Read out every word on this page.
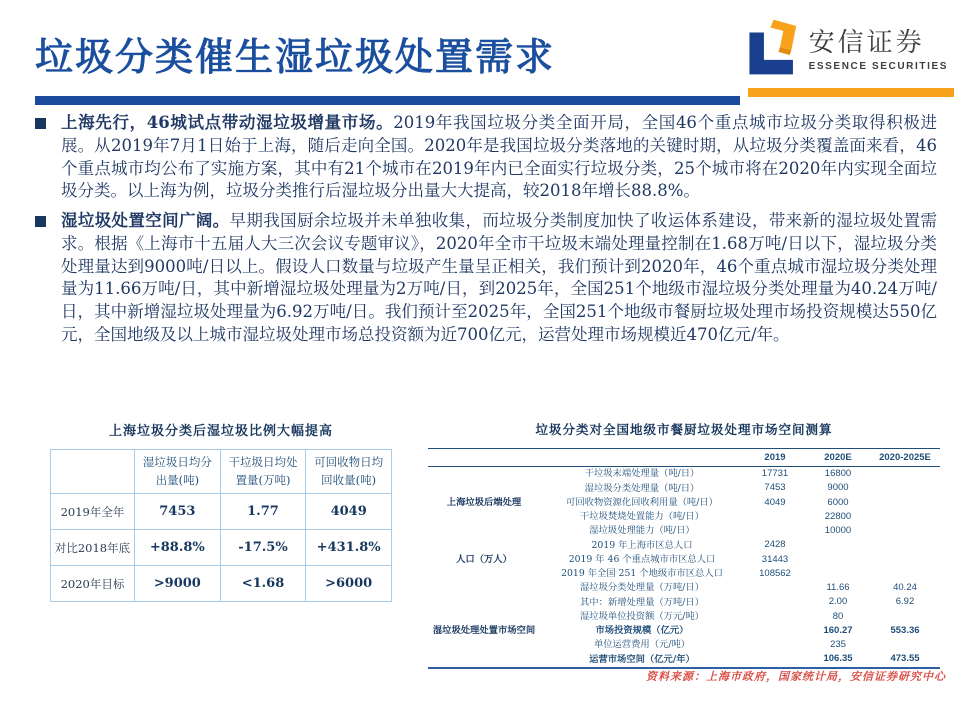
垃圾分类催生湿垃圾处置需求	安信证券
ESSENCE SECURITIES
上海先行，46城试点带动湿垃圾增量市场。2019年我国垃圾分类全面开局，全国46个重点城市垃圾分类取得积极进展。从2019年7月1日始于上海，随后走向全国。2020年是我国垃圾分类落地的关键时期，从垃圾分类覆盖面来看，46个重点城市均公布了实施方案，其中有21个城市在2019年内已全面实行垃圾分类，25个城市将在2020年内实现全面垃圾分类。以上海为例，垃圾分类推行后湿垃圾分出量大大提高，较2018年增长88.8%。
湿垃圾处置空间广阔。早期我国厨余垃圾并未单独收集，而垃圾分类制度加快了收运体系建设，带来新的湿垃圾处置需求。根据《上海市十五届人大三次会议专题审议》，2020年全市干垃圾末端处理量控制在1.68万吨/日以下，湿垃圾分类处理量达到9000吨/日以上。假设人口数量与垃圾产生量呈正相关，我们预计到2020年，46个重点城市湿垃圾分类处理量为11.66万吨/日，其中新增湿垃圾处理量为2万吨/日，到2025年，全国251个地级市湿垃圾分类处理量为40.24万吨/日，其中新增湿垃圾处理量为6.92万吨/日。我们预计至2025年，全国251个地级市餐厨垃圾处理市场投资规模达550亿元，全国地级及以上城市湿垃圾处理市场总投资额为近700亿元，运营处理市场规模近470亿元/年。
上海垃圾分类后湿垃圾比例大幅提高
	湿垃圾日均分出量(吨)	干垃圾日均处置量(万吨)	可回收物日均回收量(吨)
2019年全年	7453	1.77	4049
对比2018年底	+88.8%	-17.5%	+431.8%
2020年目标	>9000	<1.68	>6000
垃圾分类对全国地级市餐厨垃圾处理市场空间测算
		2019	2020E	2020-2025E
	干垃圾末端处理量（吨/日）	17731	16800	
	湿垃圾分类处理量（吨/日）	7453	9000	
上海垃圾后端处理	可回收物资源化回收利用量（吨/日）	4049	6000	
	干垃圾焚烧处置能力（吨/日）		22800	
	湿垃圾处理能力（吨/日）		10000	
	2019 年上海市区总人口	2428		
人口（万人）	2019 年 46 个重点城市市区总人口	31443		
	2019 年全国 251 个地级市市区总人口	108562		
	湿垃圾分类处理量（万吨/日）		11.66	40.24
	其中：新增处理量（万吨/日）		2.00	6.92
	湿垃圾单位投资额（万元/吨）		80	
湿垃圾处理处置市场空间	市场投资规模（亿元）		160.27	553.36
	单位运营费用（元/吨）		235	
	运营市场空间（亿元/年）		106.35	473.55
资料来源：上海市政府，国家统计局，安信证券研究中心
